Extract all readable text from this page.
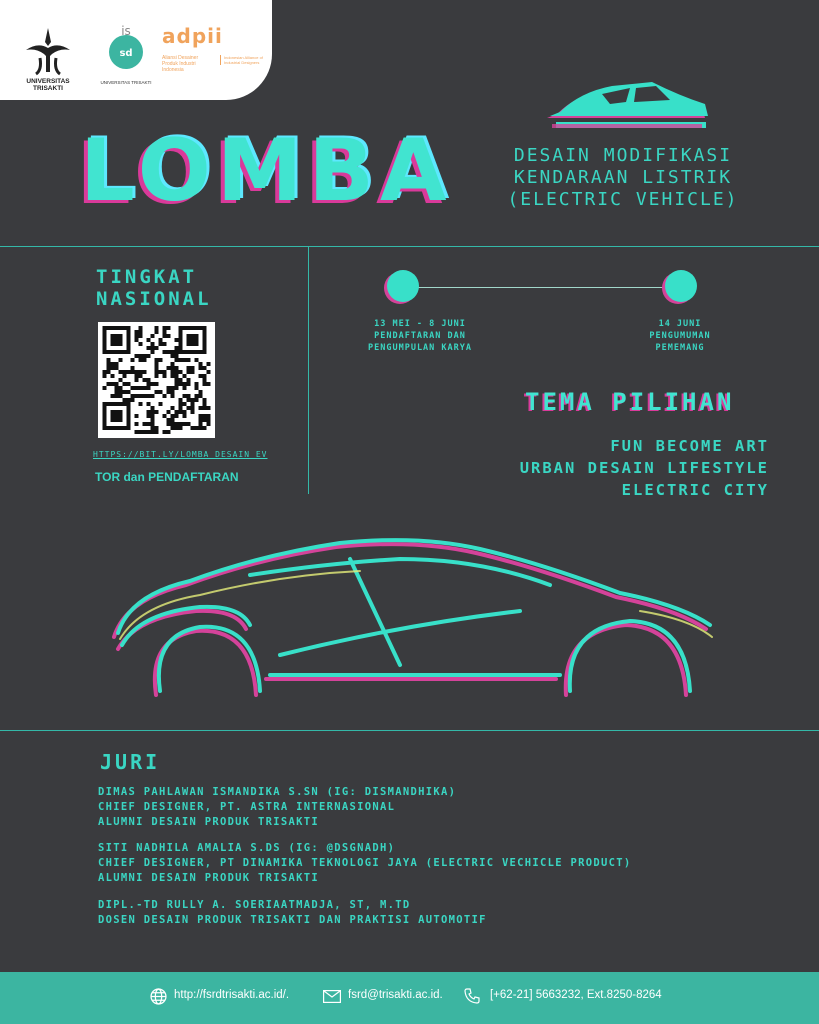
UNIVERSITAS TRISAKTI
sd
is
UNIVERSITAS TRISAKTI
adpii
Aliansi Desainer Produk Industri Indonesia
Indonesian Alliance of Industrial Designers
LOMBA	DESAIN MODIFIKASI
KENDARAAN LISTRIK
(ELECTRIC VEHICLE)
TINGKAT
NASIONAL
HTTPS://BIT.LY/LOMBA_DESAIN_EV
TOR dan PENDAFTARAN
13 MEI - 8 JUNI
PENDAFTARAN DAN
PENGUMPULAN KARYA
14 JUNI
PENGUMUMAN
PEMEMANG
TEMA PILIHAN
FUN BECOME ART
URBAN DESAIN LIFESTYLE
ELECTRIC CITY
JURI
DIMAS PAHLAWAN ISMANDIKA S.SN (IG: DISMANDHIKA)
CHIEF DESIGNER, PT. ASTRA INTERNASIONAL
ALUMNI DESAIN PRODUK TRISAKTI
SITI NADHILA AMALIA S.DS (IG: @DSGNADH)
CHIEF DESIGNER, PT DINAMIKA TEKNOLOGI JAYA (ELECTRIC VECHICLE PRODUCT)
ALUMNI DESAIN PRODUK TRISAKTI
DIPL.-TD RULLY A. SOERIAATMADJA, ST, M.TD
DOSEN DESAIN PRODUK TRISAKTI DAN PRAKTISI AUTOMOTIF
http://fsrdtrisakti.ac.id/.	fsrd@trisakti.ac.id.	[+62-21] 5663232, Ext.8250-8264
